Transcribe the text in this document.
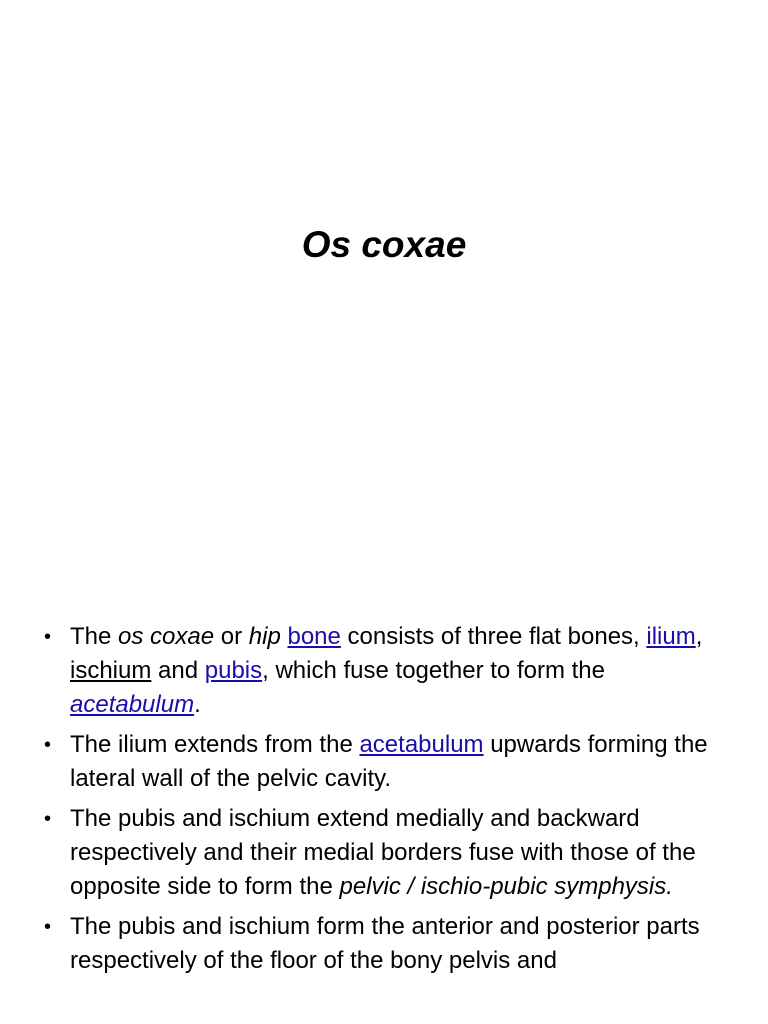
Os coxae
• The os coxae or hip bone consists of three flat bones, ilium, ischium and pubis, which fuse together to form the acetabulum.
• The ilium extends from the acetabulum upwards forming the lateral wall of the pelvic cavity.
• The pubis and ischium extend medially and backward respectively and their medial borders fuse with those of the opposite side to form the pelvic / ischio-pubic symphysis.
• The pubis and ischium form the anterior and posterior parts respectively of the floor of the bony pelvis and
